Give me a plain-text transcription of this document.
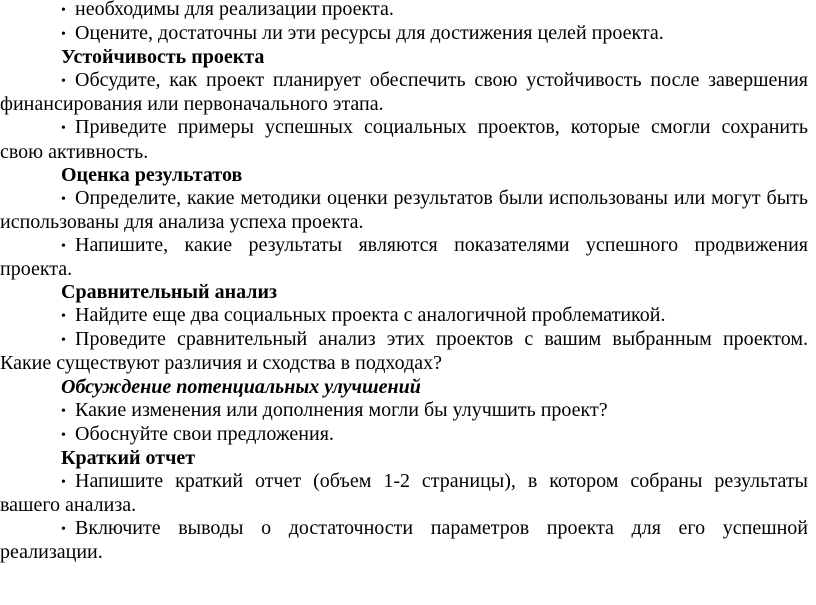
• необходимы для реализации проекта.

• Оцените, достаточны ли эти ресурсы для достижения целей проекта.

Устойчивость проекта

• Обсудите, как проект планирует обеспечить свою устойчивость после завершения финансирования или первоначального этапа.

• Приведите примеры успешных социальных проектов, которые смогли сохранить свою активность.

Оценка результатов

• Определите, какие методики оценки результатов были использованы или могут быть использованы для анализа успеха проекта.

• Напишите, какие результаты являются показателями успешного продвижения проекта.

Сравнительный анализ

• Найдите еще два социальных проекта с аналогичной проблематикой.

• Проведите сравнительный анализ этих проектов с вашим выбранным проектом. Какие существуют различия и сходства в подходах?

Обсуждение потенциальных улучшений

• Какие изменения или дополнения могли бы улучшить проект?

• Обоснуйте свои предложения.

Краткий отчет

• Напишите краткий отчет (объем 1-2 страницы), в котором собраны результаты вашего анализа.

• Включите выводы о достаточности параметров проекта для его успешной реализации.
